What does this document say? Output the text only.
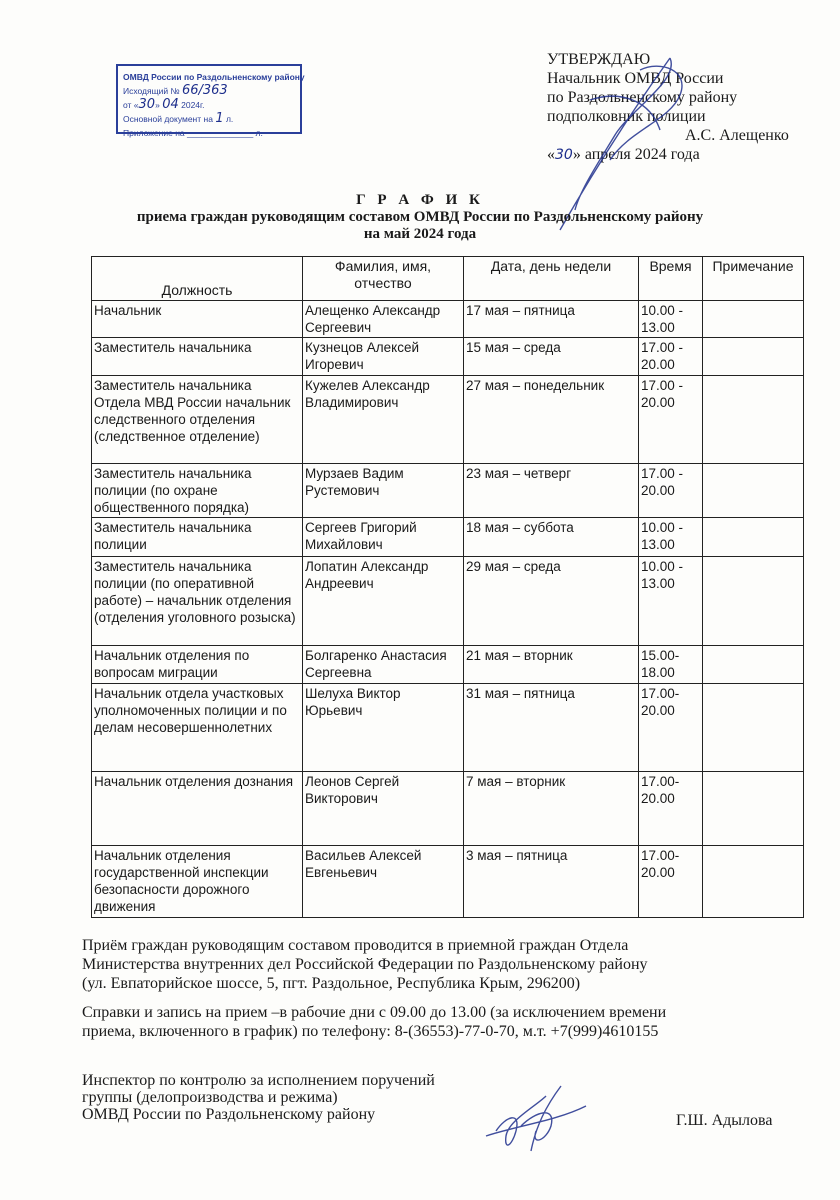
ОМВД России по Раздольненскому району
Исходящий № 66/363
от «30» 04 2024г.
Основной документ на 1 л.
Приложение на ______________ л.
УТВЕРЖДАЮ
Начальник ОМВД России
по Раздольненскому району
подполковник полиции
А.С. Алещенко
«30» апреля 2024 года
Г Р А Ф И К
приема граждан руководящим составом ОМВД России по Раздольненскому району
на май 2024 года
Должность	Фамилия, имя, отчество	Дата, день недели	Время	Примечание
Начальник	Алещенко Александр Сергеевич	17 мая – пятница	10.00 - 13.00	
Заместитель начальника	Кузнецов Алексей Игоревич	15 мая – среда	17.00 - 20.00	
Заместитель начальника Отдела МВД России начальник следственного отделения (следственное отделение)	Кужелев Александр Владимирович	27 мая – понедельник	17.00 - 20.00	
Заместитель начальника полиции (по охране общественного порядка)	Мурзаев Вадим Рустемович	23 мая – четверг	17.00 - 20.00	
Заместитель начальника полиции	Сергеев Григорий Михайлович	18 мая – суббота	10.00 - 13.00	
Заместитель начальника полиции (по оперативной работе) – начальник отделения (отделения уголовного розыска)	Лопатин Александр Андреевич	29 мая – среда	10.00 - 13.00	
Начальник отделения по вопросам миграции	Болгаренко Анастасия Сергеевна	21 мая – вторник	15.00- 18.00	
Начальник отдела участковых уполномоченных полиции и по делам несовершеннолетних	Шелуха Виктор Юрьевич	31 мая – пятница	17.00- 20.00	
Начальник отделения дознания	Леонов Сергей Викторович	7 мая – вторник	17.00- 20.00	
Начальник отделения государственной инспекции безопасности дорожного движения	Васильев Алексей Евгеньевич	3 мая – пятница	17.00- 20.00	
Приём граждан руководящим составом проводится в приемной граждан Отдела
Министерства внутренних дел Российской Федерации по Раздольненскому району
(ул. Евпаторийское шоссе, 5, пгт. Раздольное, Республика Крым, 296200)
Справки и запись на прием –в рабочие дни с 09.00 до 13.00 (за исключением времени
приема, включенного в график) по телефону: 8-(36553)-77-0-70, м.т. +7(999)4610155
Инспектор по контролю за исполнением поручений
группы (делопроизводства и режима)
ОМВД России по Раздольненскому району	Г.Ш. Адылова
